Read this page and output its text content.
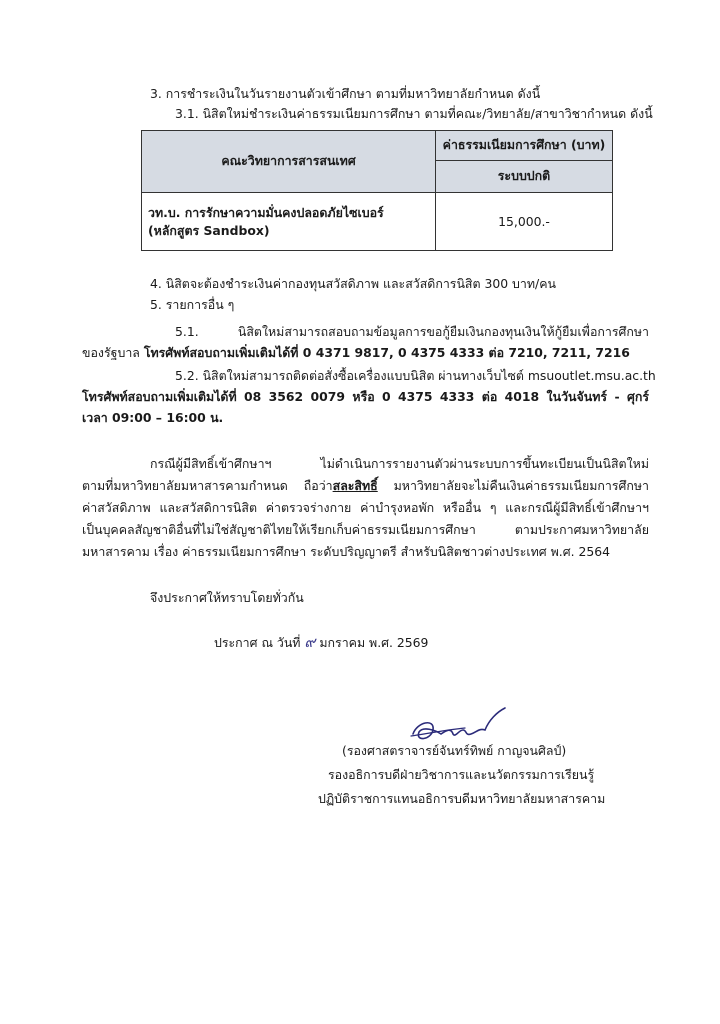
3. การชำระเงินในวันรายงานตัวเข้าศึกษา ตามที่มหาวิทยาลัยกำหนด ดังนี้
3.1. นิสิตใหม่ชำระเงินค่าธรรมเนียมการศึกษา ตามที่คณะ/วิทยาลัย/สาขาวิชากำหนด ดังนี้
คณะวิทยาการสารสนเทศ	ค่าธรรมเนียมการศึกษา (บาท)
	ระบบปกติ
วท.บ. การรักษาความมั่นคงปลอดภัยไซเบอร์
(หลักสูตร Sandbox)	15,000.-
4. นิสิตจะต้องชำระเงินค่ากองทุนสวัสดิภาพ และสวัสดิการนิสิต 300 บาท/คน
5. รายการอื่น ๆ
5.1. นิสิตใหม่สามารถสอบถามข้อมูลการขอกู้ยืมเงินกองทุนเงินให้กู้ยืมเพื่อการศึกษา
ของรัฐบาล โทรศัพท์สอบถามเพิ่มเติมได้ที่ 0 4371 9817, 0 4375 4333 ต่อ 7210, 7211, 7216
5.2. นิสิตใหม่สามารถติดต่อสั่งซื้อเครื่องแบบนิสิต ผ่านทางเว็บไซต์ msuoutlet.msu.ac.th
โทรศัพท์สอบถามเพิ่มเติมได้ที่ 08 3562 0079 หรือ 0 4375 4333 ต่อ 4018 ในวันจันทร์ - ศุกร์
เวลา 09:00 – 16:00 น.
กรณีผู้มีสิทธิ์เข้าศึกษาฯ ไม่ดำเนินการรายงานตัวผ่านระบบการขึ้นทะเบียนเป็นนิสิตใหม่
ตามที่มหาวิทยาลัยมหาสารคามกำหนด ถือว่าสละสิทธิ์ มหาวิทยาลัยจะไม่คืนเงินค่าธรรมเนียมการศึกษา
ค่าสวัสดิภาพ และสวัสดิการนิสิต ค่าตรวจร่างกาย ค่าบำรุงหอพัก หรืออื่น ๆ และกรณีผู้มีสิทธิ์เข้าศึกษาฯ
เป็นบุคคลสัญชาติอื่นที่ไม่ใช่สัญชาติไทยให้เรียกเก็บค่าธรรมเนียมการศึกษา ตามประกาศมหาวิทยาลัย
มหาสารคาม เรื่อง ค่าธรรมเนียมการศึกษา ระดับปริญญาตรี สำหรับนิสิตชาวต่างประเทศ พ.ศ. 2564
จึงประกาศให้ทราบโดยทั่วกัน
ประกาศ ณ วันที่ ๙ มกราคม พ.ศ. 2569
(รองศาสตราจารย์จันทร์ทิพย์ กาญจนศิลป์)
รองอธิการบดีฝ่ายวิชาการและนวัตกรรมการเรียนรู้
ปฏิบัติราชการแทนอธิการบดีมหาวิทยาลัยมหาสารคาม
